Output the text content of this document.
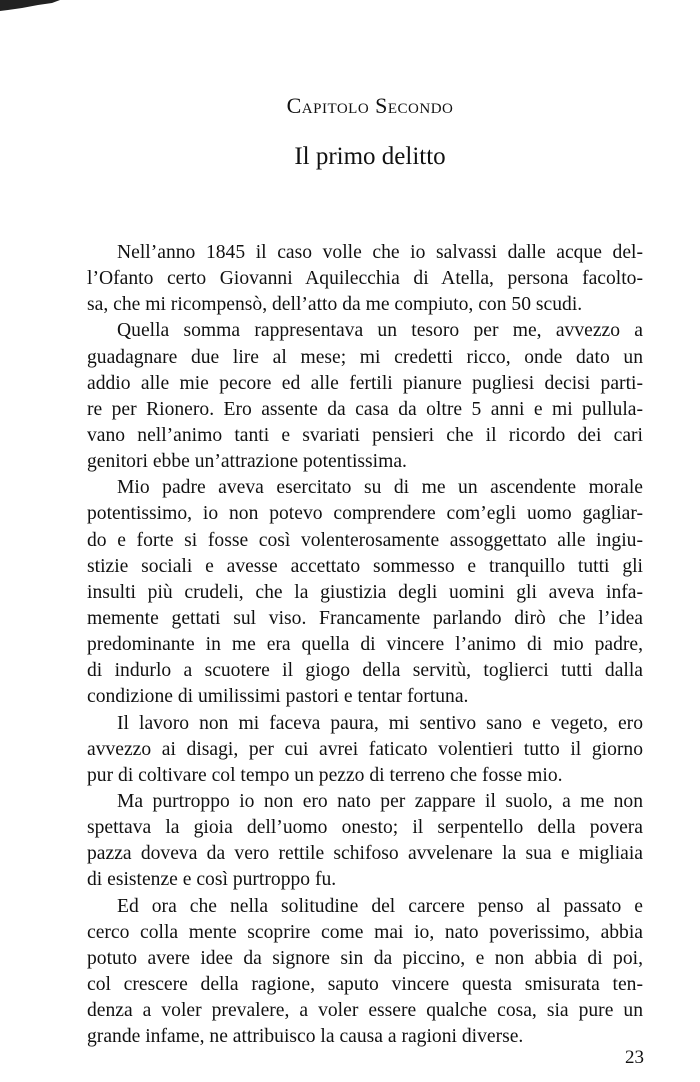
Capitolo Secondo
Il primo delitto
Nell’anno 1845 il caso volle che io salvassi dalle acque del-
l’Ofanto certo Giovanni Aquilecchia di Atella, persona facolto-
sa, che mi ricompensò, dell’atto da me compiuto, con 50 scudi.
Quella somma rappresentava un tesoro per me, avvezzo a
guadagnare due lire al mese; mi credetti ricco, onde dato un
addio alle mie pecore ed alle fertili pianure pugliesi decisi parti-
re per Rionero. Ero assente da casa da oltre 5 anni e mi pullula-
vano nell’animo tanti e svariati pensieri che il ricordo dei cari
genitori ebbe un’attrazione potentissima.
Mio padre aveva esercitato su di me un ascendente morale
potentissimo, io non potevo comprendere com’egli uomo gagliar-
do e forte si fosse così volenterosamente assoggettato alle ingiu-
stizie sociali e avesse accettato sommesso e tranquillo tutti gli
insulti più crudeli, che la giustizia degli uomini gli aveva infa-
memente gettati sul viso. Francamente parlando dirò che l’idea
predominante in me era quella di vincere l’animo di mio padre,
di indurlo a scuotere il giogo della servitù, toglierci tutti dalla
condizione di umilissimi pastori e tentar fortuna.
Il lavoro non mi faceva paura, mi sentivo sano e vegeto, ero
avvezzo ai disagi, per cui avrei faticato volentieri tutto il giorno
pur di coltivare col tempo un pezzo di terreno che fosse mio.
Ma purtroppo io non ero nato per zappare il suolo, a me non
spettava la gioia dell’uomo onesto; il serpentello della povera
pazza doveva da vero rettile schifoso avvelenare la sua e migliaia
di esistenze e così purtroppo fu.
Ed ora che nella solitudine del carcere penso al passato e
cerco colla mente scoprire come mai io, nato poverissimo, abbia
potuto avere idee da signore sin da piccino, e non abbia di poi,
col crescere della ragione, saputo vincere questa smisurata ten-
denza a voler prevalere, a voler essere qualche cosa, sia pure un
grande infame, ne attribuisco la causa a ragioni diverse.
23
